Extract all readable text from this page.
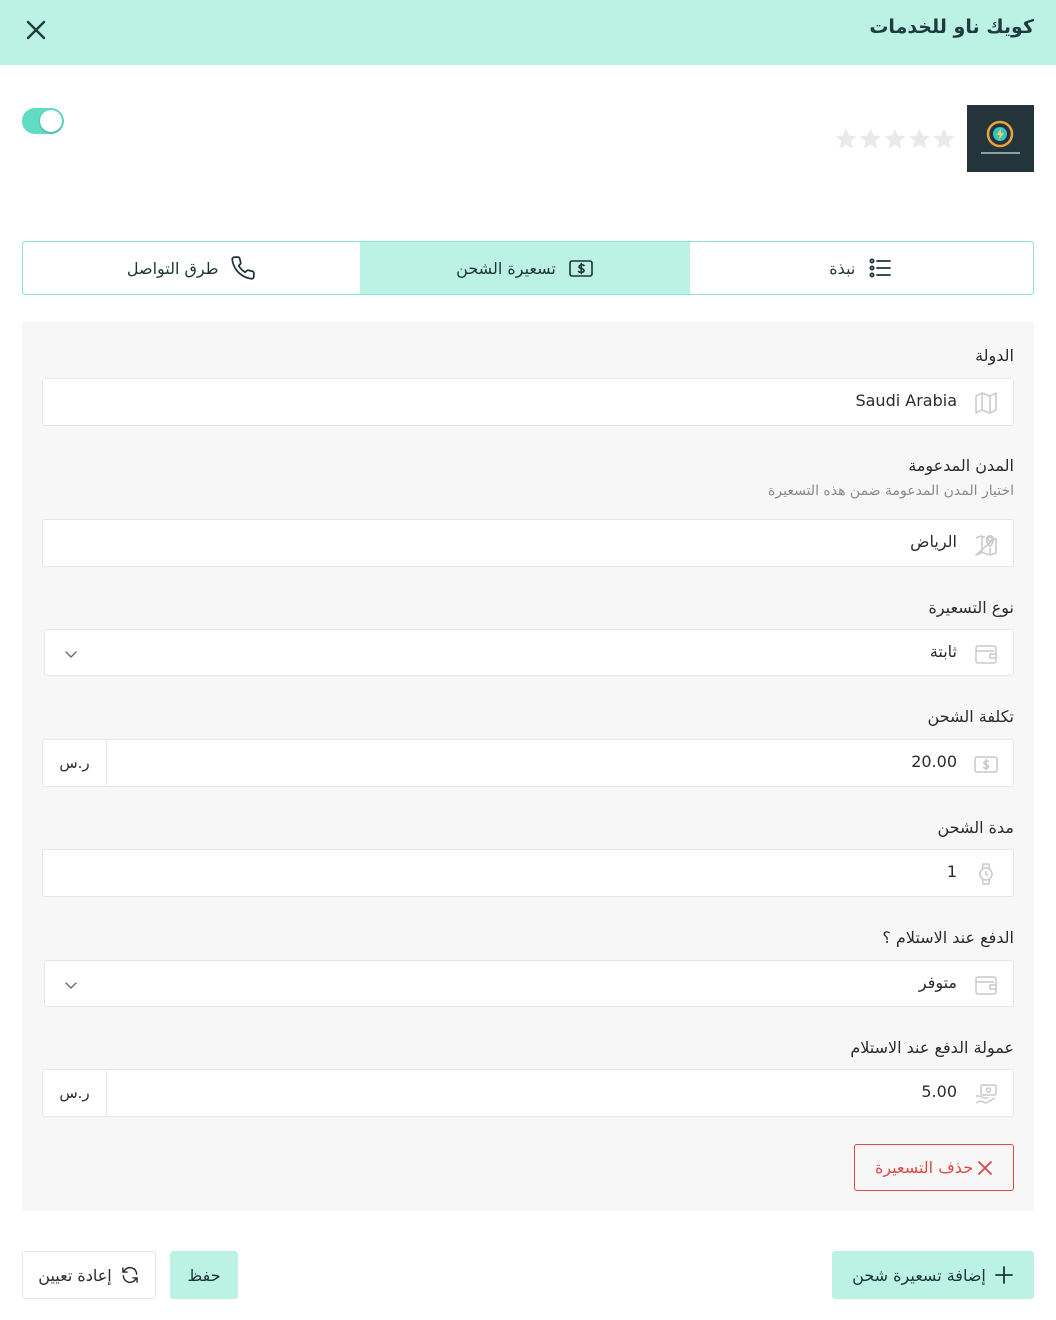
كويك ناو للخدمات
طرق التواصل	تسعيرة الشحن	نبذة
الدولة
Saudi Arabia
المدن المدعومة
اختيار المدن المدعومة ضمن هذه التسعيرة
الرياض
نوع التسعيرة
ثابتة
تكلفة الشحن
20.00
ر.س
مدة الشحن
1
الدفع عند الاستلام ؟
متوفر
عمولة الدفع عند الاستلام
5.00
ر.س
حذف التسعيرة
إضافة تسعيرة شحن
حفظ
إعادة تعيين
